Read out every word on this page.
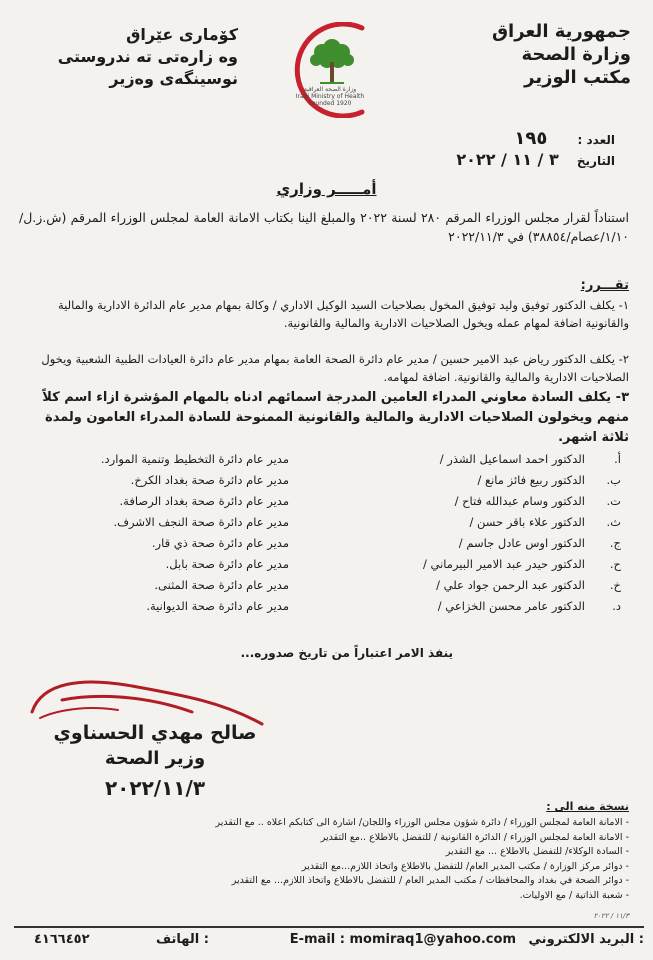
جمهورية العراق
وزارة الصحة
مكتب الوزير
كۆماری عێراق
وه زارەتی ته ندروستی
نوسینگەی وەزیر
وزارة الصحة العراقية
Iraqi Ministry of Health
Founded 1920
العدد : ١٩٥
التاريخ ٣ / ١١ / ٢٠٢٢
أمـــــر وزاري
استناداً لقرار مجلس الوزراء المرقم ٢٨٠ لسنة ٢٠٢٢ والمبلغ الينا بكتاب الامانة العامة لمجلس الوزراء المرقم (ش.ز.ل/١/١٠/عصام/٣٨٨٥٤) في ٢٠٢٢/١١/٣
تقـــرر:
١- يكلف الدكتور توفيق وليد توفيق المخول بصلاحيات السيد الوكيل الاداري / وكالة بمهام مدير عام الدائرة الادارية والمالية والقانونية اضافة لمهام عمله ويخول الصلاحيات الادارية والمالية والقانونية.
٢- يكلف الدكتور رياض عبد الامير حسين / مدير عام دائرة الصحة العامة بمهام مدير عام دائرة العيادات الطبية الشعبية ويخول الصلاحيات الادارية والمالية والقانونية. اضافة لمهامه.
٣- يكلف السادة معاوني المدراء العامين المدرجة اسمائهم ادناه بالمهام المؤشرة ازاء اسم كلاً منهم ويخولون الصلاحيات الادارية والمالية والقانونية الممنوحة للسادة المدراء العامون ولمدة ثلاثة اشهر.
أ.
الدكتور احمد اسماعيل الشذر /
مدير عام دائرة التخطيط وتنمية الموارد.
ب.
الدكتور ربيع فائز مانع /
مدير عام دائرة صحة بغداد الكرخ.
ت.
الدكتور وسام عبدالله فتاح /
مدير عام دائرة صحة بغداد الرصافة.
ث.
الدكتور علاء باقر حسن /
مدير عام دائرة صحة النجف الاشرف.
ج.
الدكتور اوس عادل جاسم /
مدير عام دائرة صحة ذي قار.
ح.
الدكتور حيدر عبد الامير البيرماني /
مدير عام دائرة صحة بابل.
خ.
الدكتور عبد الرحمن جواد علي /
مدير عام دائرة صحة المثنى.
د.
الدكتور عامر محسن الخزاعي /
مدير عام دائرة صحة الديوانية.
ينفذ الامر اعتباراً من تاريخ صدوره...
صالح مهدي الحسناوي
وزير الصحة
٢٠٢٢/١١/٣
نسخة منه الى :
- الامانة العامة لمجلس الوزراء / دائرة شؤون مجلس الوزراء واللجان/ اشارة الى كتابكم اعلاه .. مع التقدير
- الامانة العامة لمجلس الوزراء / الدائرة القانونية / للتفضل بالاطلاع ..مع التقدير
- السادة الوكلاء/ للتفضل بالاطلاع ... مع التقدير
- دوائر مركز الوزارة / مكتب المدير العام/ للتفضل بالاطلاع واتخاذ اللازم...مع التقدير
- دوائر الصحة في بغداد والمحافظات / مكتب المدير العام / للتفضل بالاطلاع واتخاذ اللازم... مع التقدير
- شعبة الذاتية / مع الاوليات.
١١/٣ / ٢٠٢٢
البريد الالكتروني :
E-mail : momiraq1@yahoo.com
الهاتف :
٤١٦٦٤٥٢
